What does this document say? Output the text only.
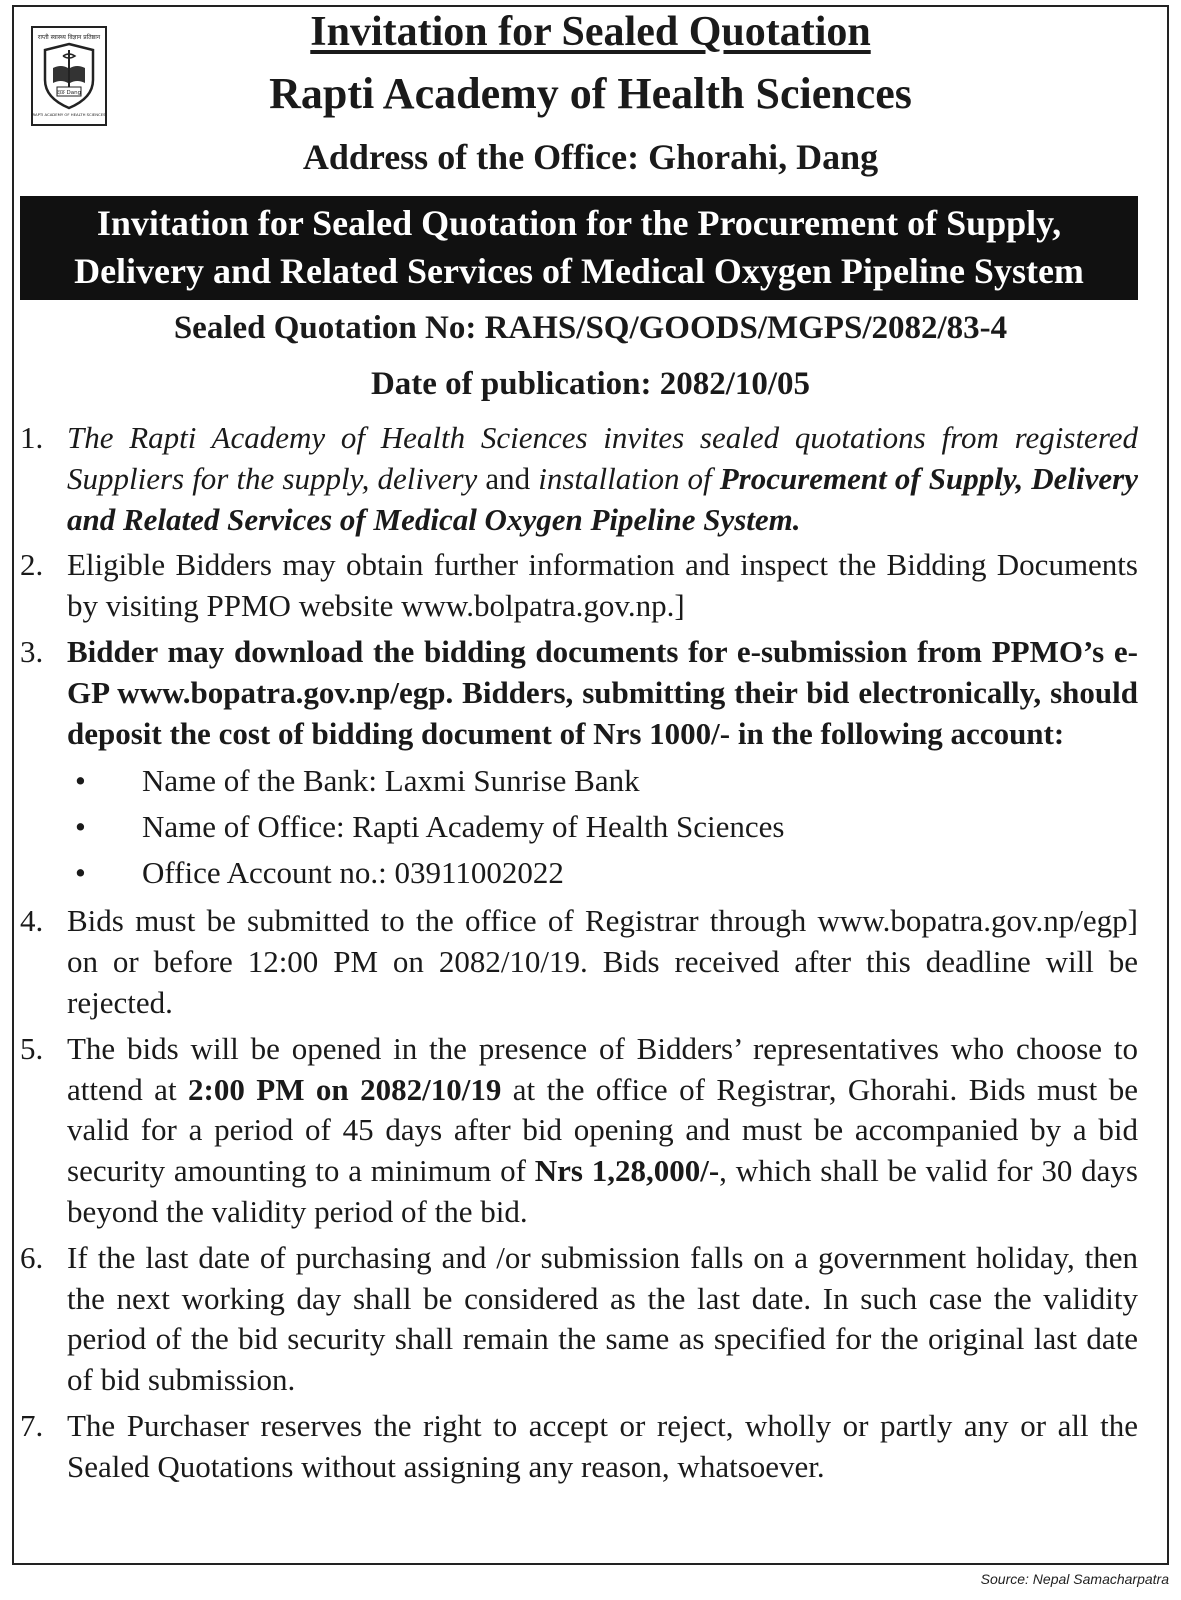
राप्ती स्वास्थ्य विज्ञान प्रतिष्ठान
दाङ Dang
RAPTI ACADEMY OF HEALTH SCIENCES
Invitation for Sealed Quotation
Rapti Academy of Health Sciences
Address of the Office: Ghorahi, Dang
Invitation for Sealed Quotation for the Procurement of Supply,
Delivery and Related Services of Medical Oxygen Pipeline System

Sealed Quotation No: RAHS/SQ/GOODS/MGPS/2082/83-4

Date of publication: 2082/10/05

1. The Rapti Academy of Health Sciences invites sealed quotations from registered Suppliers for the supply, delivery and installation of Procurement of Supply, Delivery and Related Services of Medical Oxygen Pipeline System.
2. Eligible Bidders may obtain further information and inspect the Bidding Documents by visiting PPMO website www.bolpatra.gov.np.]
3. Bidder may download the bidding documents for e-submission from PPMO’s e-GP www.bopatra.gov.np/egp. Bidders, submitting their bid electronically, should deposit the cost of bidding document of Nrs 1000/- in the following account:
•	Name of the Bank: Laxmi Sunrise Bank
•	Name of Office: Rapti Academy of Health Sciences
•	Office Account no.: 03911002022
4. Bids must be submitted to the office of Registrar through www.bopatra.gov.np/egp] on or before 12:00 PM on 2082/10/19. Bids received after this deadline will be rejected.
5. The bids will be opened in the presence of Bidders’ representatives who choose to attend at 2:00 PM on 2082/10/19 at the office of Registrar, Ghorahi. Bids must be valid for a period of 45 days after bid opening and must be accompanied by a bid security amounting to a minimum of Nrs 1,28,000/-, which shall be valid for 30 days beyond the validity period of the bid.
6. If the last date of purchasing and /or submission falls on a government holiday, then the next working day shall be considered as the last date. In such case the validity period of the bid security shall remain the same as specified for the original last date of bid submission.
7. The Purchaser reserves the right to accept or reject, wholly or partly any or all the Sealed Quotations without assigning any reason, whatsoever.
Source: Nepal Samacharpatra
